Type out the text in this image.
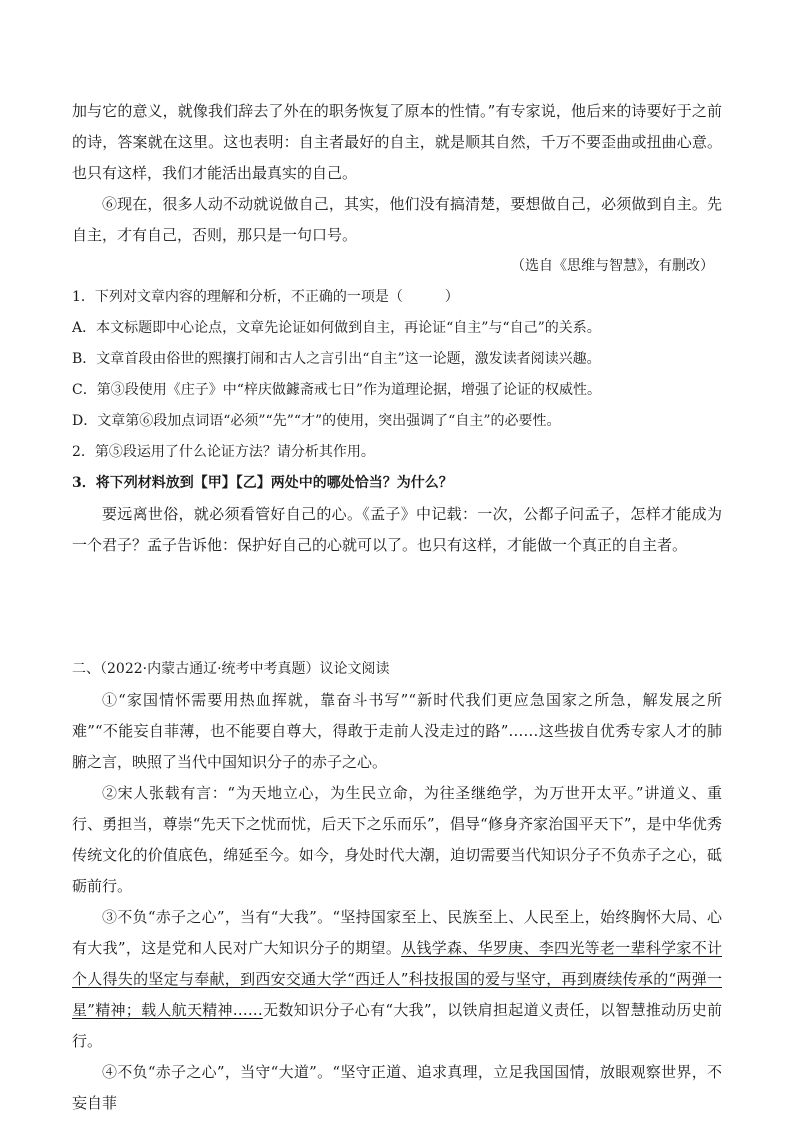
加与它的意义，就像我们辞去了外在的职务恢复了原本的性情。”有专家说，他后来的诗要好于之前的诗，答案就在这里。这也表明：自主者最好的自主，就是顺其自然，千万不要歪曲或扭曲心意。也只有这样，我们才能活出最真实的自己。

⑥现在，很多人动不动就说做自己，其实，他们没有搞清楚，要想做自己，必须做到自主。先自主，才有自己，否则，那只是一句口号。

（选自《思维与智慧》，有删改）

1．下列对文章内容的理解和分析，不正确的一项是（　　　）

A．本文标题即中心论点，文章先论证如何做到自主，再论证“自主”与“自己”的关系。

B．文章首段由俗世的熙攘打闹和古人之言引出“自主”这一论题，激发读者阅读兴趣。

C．第③段使用《庄子》中“梓庆做鐻斋戒七日”作为道理论据，增强了论证的权威性。

D．文章第⑥段加点词语“必须”“先”“才”的使用，突出强调了“自主”的必要性。

2．第⑤段运用了什么论证方法？请分析其作用。

3．将下列材料放到【甲】【乙】两处中的哪处恰当？为什么？

要远离世俗，就必须看管好自己的心。《孟子》中记载：一次，公都子问孟子，怎样才能成为一个君子？孟子告诉他：保护好自己的心就可以了。也只有这样，才能做一个真正的自主者。

二、（2022·内蒙古通辽·统考中考真题）议论文阅读

①“家国情怀需要用热血挥就，靠奋斗书写”“新时代我们更应急国家之所急，解发展之所难”“不能妄自菲薄，也不能要自尊大，得敢于走前人没走过的路”……这些拔自优秀专家人才的肺腑之言，映照了当代中国知识分子的赤子之心。

②宋人张载有言：“为天地立心，为生民立命，为往圣继绝学，为万世开太平。”讲道义、重行、勇担当，尊崇“先天下之忧而忧，后天下之乐而乐”，倡导“修身齐家治国平天下”，是中华优秀传统文化的价值底色，绵延至今。如今，身处时代大潮，迫切需要当代知识分子不负赤子之心，砥砺前行。

③不负“赤子之心”，当有“大我”。“坚持国家至上、民族至上、人民至上，始终胸怀大局、心有大我”，这是党和人民对广大知识分子的期望。从钱学森、华罗庚、李四光等老一辈科学家不计个人得失的坚定与奉献，到西安交通大学“西迁人”科技报国的爱与坚守，再到赓续传承的“两弹一星”精神；载人航天精神……无数知识分子心有“大我”，以铁肩担起道义责任，以智慧推动历史前行。

④不负“赤子之心”，当守“大道”。“坚守正道、追求真理，立足我国国情，放眼观察世界，不妄自菲
